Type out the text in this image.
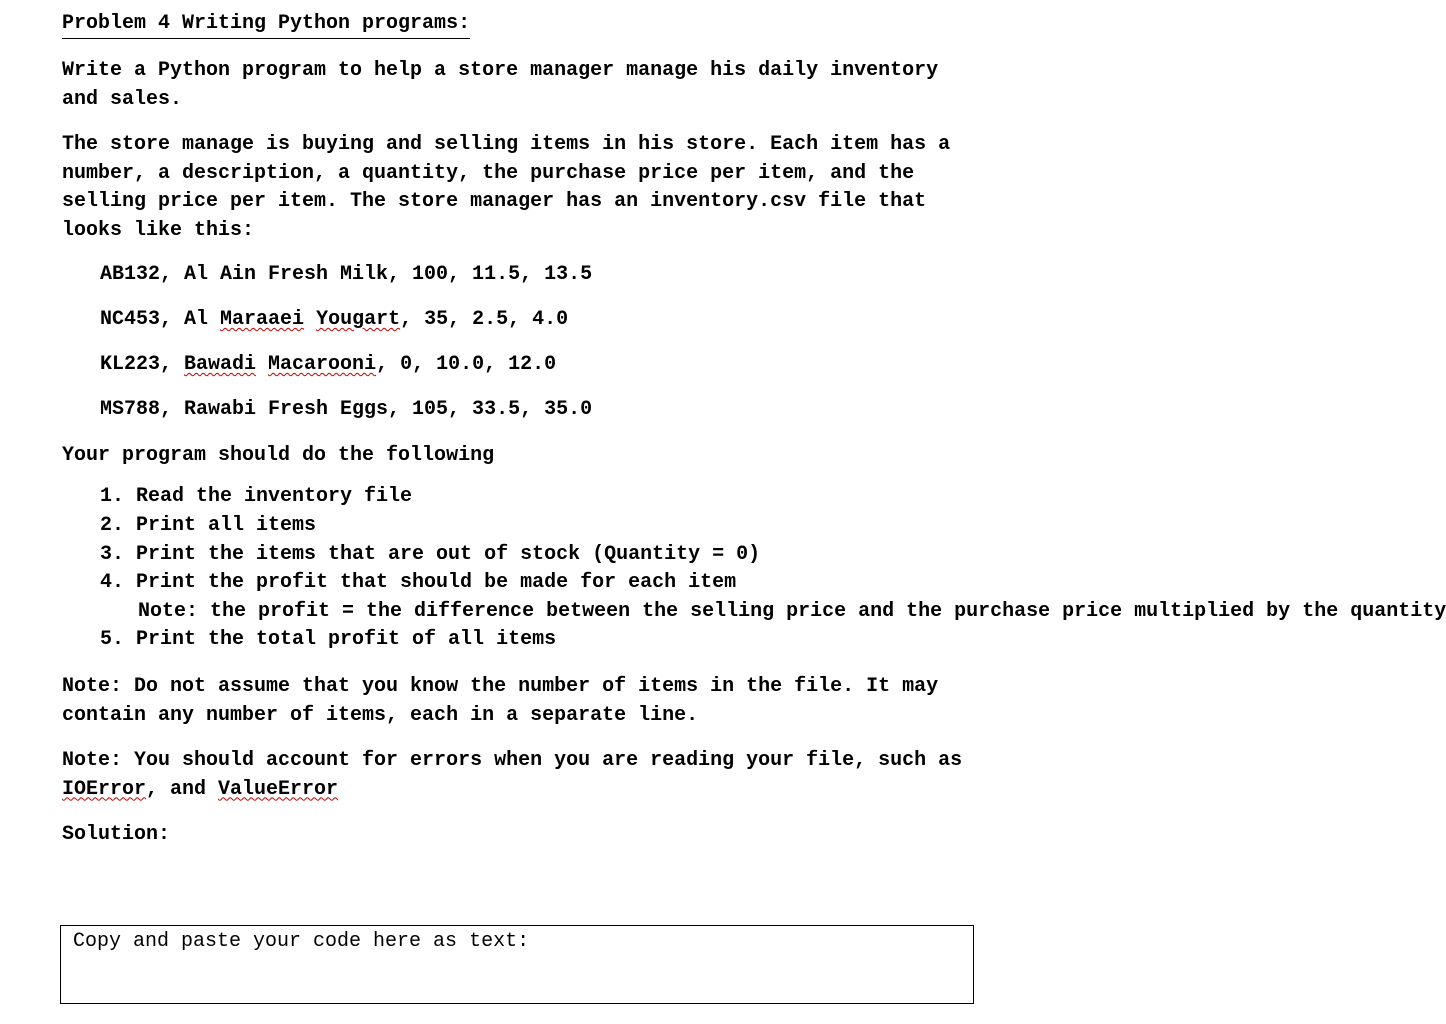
Problem 4 Writing Python programs:

Write a Python program to help a store manager manage his daily inventory and sales.

The store manage is buying and selling items in his store. Each item has a number, a description, a quantity, the purchase price per item, and the selling price per item. The store manager has an inventory.csv file that looks like this:

AB132, Al Ain Fresh Milk, 100, 11.5, 13.5
NC453, Al Maraaei Yougart, 35, 2.5, 4.0
KL223, Bawadi Macarooni, 0, 10.0, 12.0
MS788, Rawabi Fresh Eggs, 105, 33.5, 35.0

Your program should do the following

1. Read the inventory file
2. Print all items
3. Print the items that are out of stock (Quantity = 0)
4. Print the profit that should be made for each item
Note: the profit = the difference between the selling price and the purchase price multiplied by the quantity
5. Print the total profit of all items

Note: Do not assume that you know the number of items in the file. It may contain any number of items, each in a separate line.

Note: You should account for errors when you are reading your file, such as IOError, and ValueError

Solution:

Copy and paste your code here as text:
